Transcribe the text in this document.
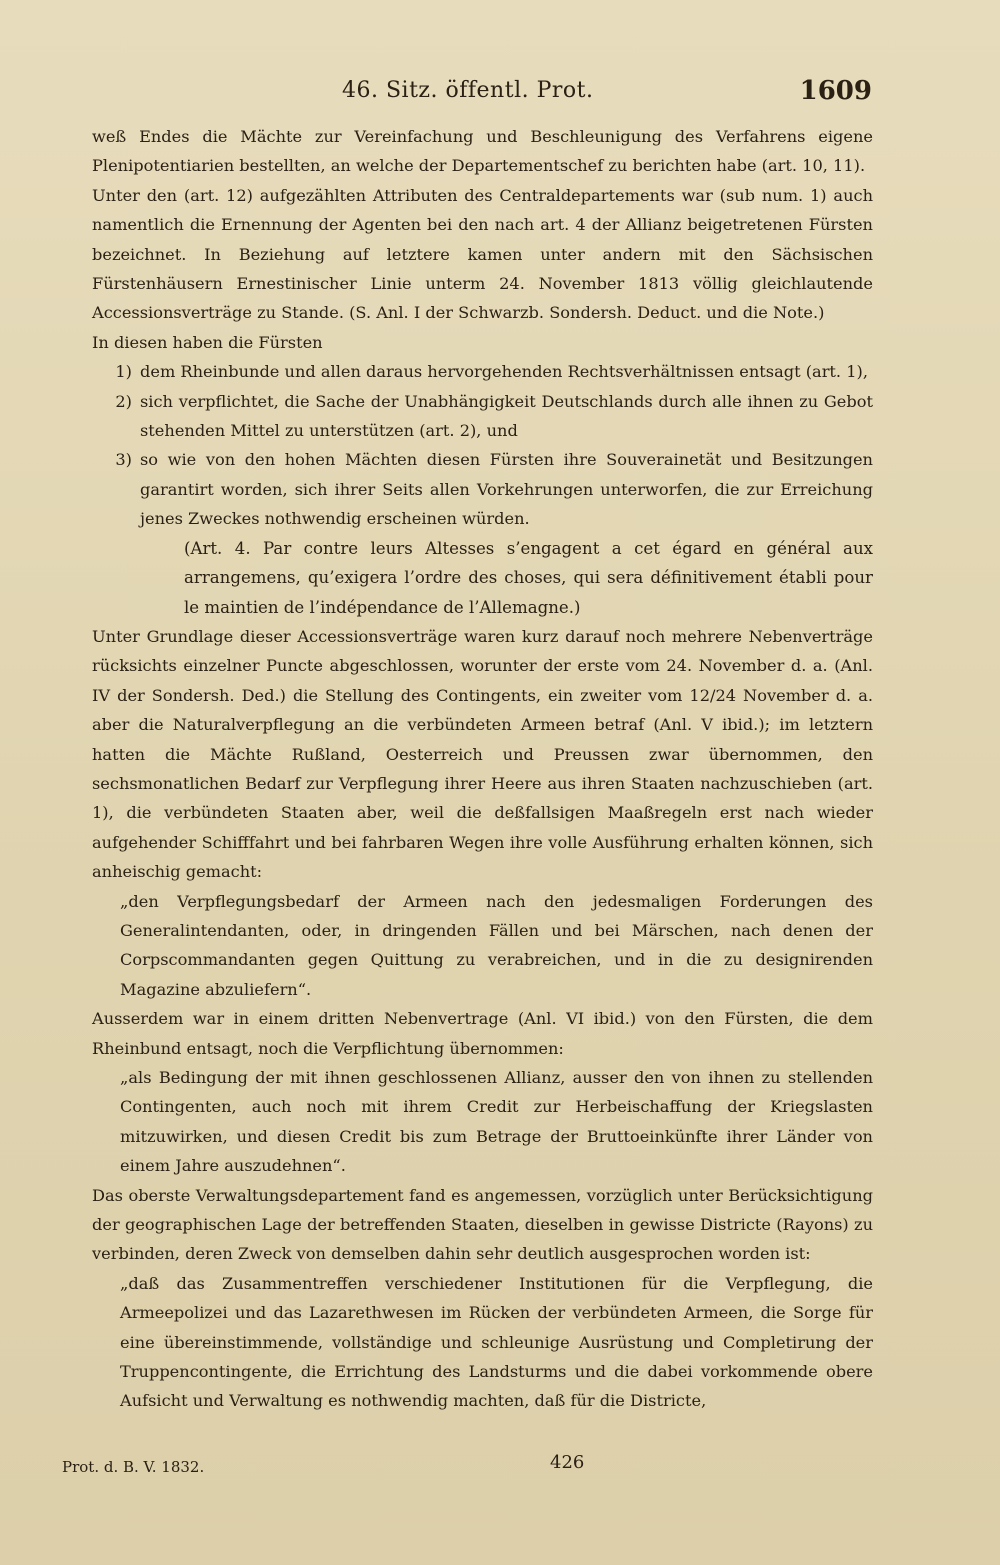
46. Sitz. öffentl. Prot.	1609

weß Endes die Mächte zur Vereinfachung und Beschleunigung des Verfahrens eigene Plenipotentiarien bestellten, an welche der Departementschef zu berichten habe (art. 10, 11).

Unter den (art. 12) aufgezählten Attributen des Centraldepartements war (sub num. 1) auch namentlich die Ernennung der Agenten bei den nach art. 4 der Allianz beigetretenen Fürsten bezeichnet. In Beziehung auf letztere kamen unter andern mit den Sächsischen Fürstenhäusern Ernestinischer Linie unterm 24. November 1813 völlig gleichlautende Accessionsverträge zu Stande. (S. Anl. I der Schwarzb. Sondersh. Deduct. und die Note.)

In diesen haben die Fürsten

1) dem Rheinbunde und allen daraus hervorgehenden Rechtsverhältnissen entsagt (art. 1),
2) sich verpflichtet, die Sache der Unabhängigkeit Deutschlands durch alle ihnen zu Gebot stehenden Mittel zu unterstützen (art. 2), und
3) so wie von den hohen Mächten diesen Fürsten ihre Souverainetät und Besitzungen garantirt worden, sich ihrer Seits allen Vorkehrungen unterworfen, die zur Erreichung jenes Zweckes nothwendig erscheinen würden.

(Art. 4. Par contre leurs Altesses s’engagent a cet égard en général aux arrangemens, qu’exigera l’ordre des choses, qui sera définitivement établi pour le maintien de l’indépendance de l’Allemagne.)

Unter Grundlage dieser Accessionsverträge waren kurz darauf noch mehrere Nebenverträge rücksichts einzelner Puncte abgeschlossen, worunter der erste vom 24. November d. a. (Anl. IV der Sondersh. Ded.) die Stellung des Contingents, ein zweiter vom 12/24 November d. a. aber die Naturalverpflegung an die verbündeten Armeen betraf (Anl. V ibid.); im letztern hatten die Mächte Rußland, Oesterreich und Preussen zwar übernommen, den sechsmonatlichen Bedarf zur Verpflegung ihrer Heere aus ihren Staaten nachzuschieben (art. 1), die verbündeten Staaten aber, weil die deßfallsigen Maaßregeln erst nach wieder aufgehender Schifffahrt und bei fahrbaren Wegen ihre volle Ausführung erhalten können, sich anheischig gemacht:

„den Verpflegungsbedarf der Armeen nach den jedesmaligen Forderungen des Generalintendanten, oder, in dringenden Fällen und bei Märschen, nach denen der Corpscommandanten gegen Quittung zu verabreichen, und in die zu designirenden Magazine abzuliefern“.

Ausserdem war in einem dritten Nebenvertrage (Anl. VI ibid.) von den Fürsten, die dem Rheinbund entsagt, noch die Verpflichtung übernommen:

„als Bedingung der mit ihnen geschlossenen Allianz, ausser den von ihnen zu stellenden Contingenten, auch noch mit ihrem Credit zur Herbeischaffung der Kriegslasten mitzuwirken, und diesen Credit bis zum Betrage der Bruttoeinkünfte ihrer Länder von einem Jahre auszudehnen“.

Das oberste Verwaltungsdepartement fand es angemessen, vorzüglich unter Berücksichtigung der geographischen Lage der betreffenden Staaten, dieselben in gewisse Districte (Rayons) zu verbinden, deren Zweck von demselben dahin sehr deutlich ausgesprochen worden ist:

„daß das Zusammentreffen verschiedener Institutionen für die Verpflegung, die Armeepolizei und das Lazarethwesen im Rücken der verbündeten Armeen, die Sorge für eine übereinstimmende, vollständige und schleunige Ausrüstung und Completirung der Truppencontingente, die Errichtung des Landsturms und die dabei vorkommende obere Aufsicht und Verwaltung es nothwendig machten, daß für die Districte,

Prot. d. B. V. 1832.	426
